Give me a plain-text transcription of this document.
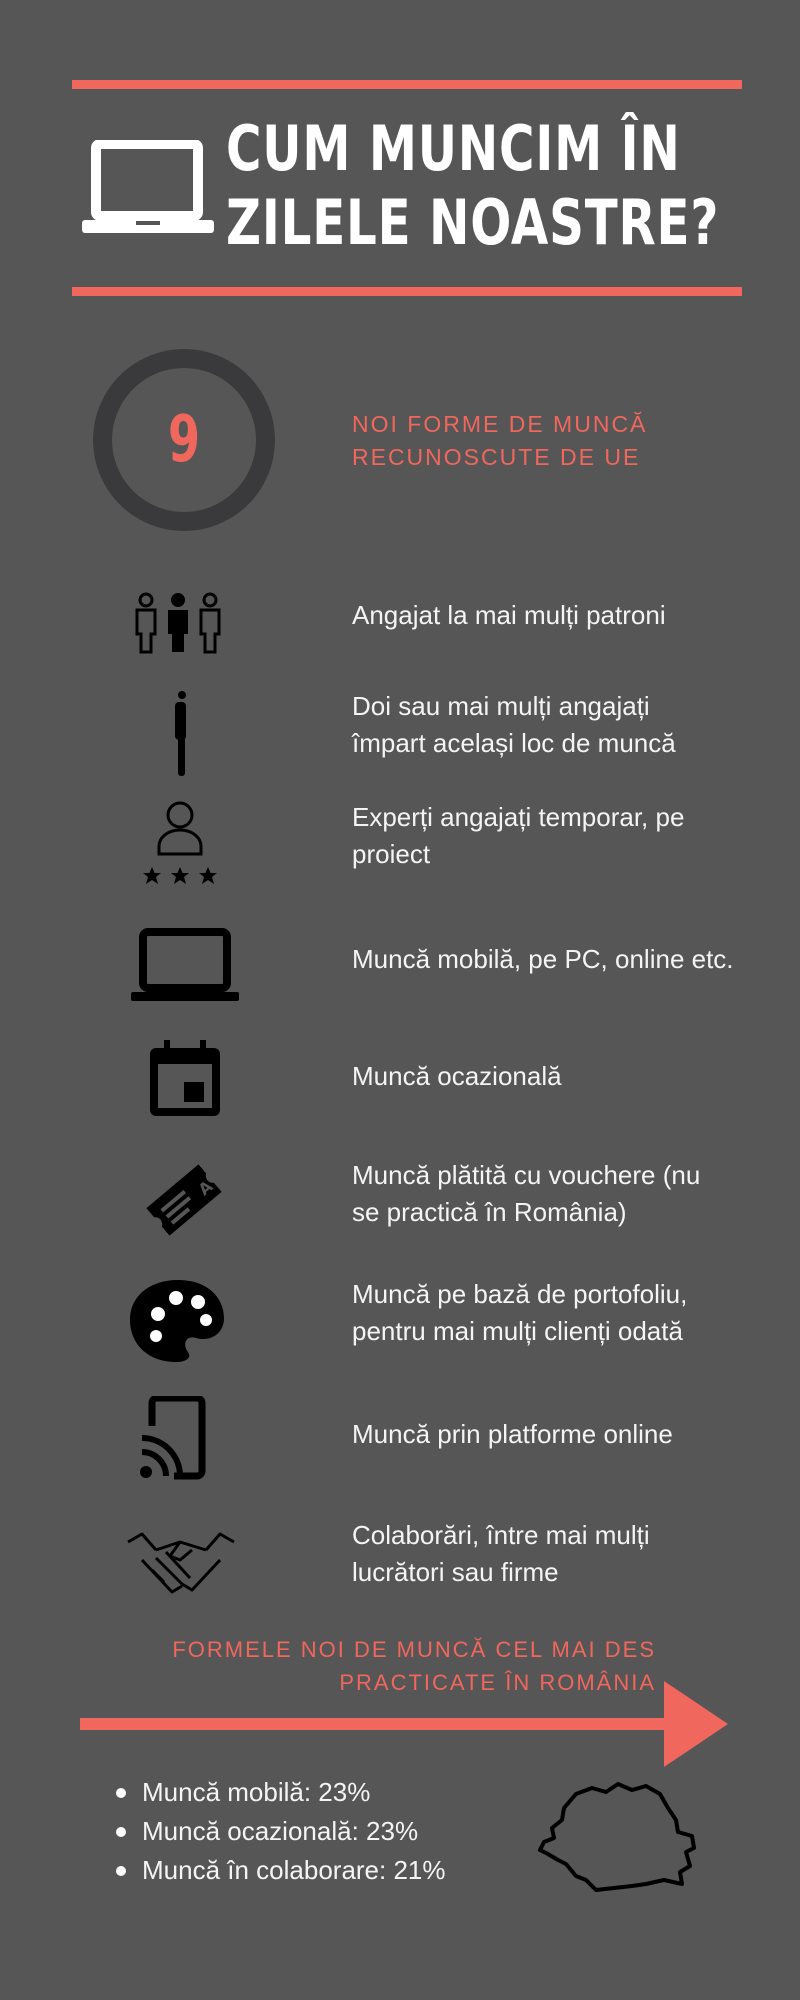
CUM MUNCIM ÎN
ZILELE NOASTRE?
9	NOI FORME DE MUNCĂ
RECUNOSCUTE DE UE
Angajat la mai mulți patroni
Doi sau mai mulți angajați
împart același loc de muncă
Experți angajați temporar, pe
proiect
Muncă mobilă, pe PC, online etc.
Muncă ocazională
A	Muncă plătită cu vouchere (nu
se practică în România)
Muncă pe bază de portofoliu,
pentru mai mulți clienți odată
Muncă prin platforme online
Colaborări, între mai mulți
lucrători sau firme
FORMELE NOI DE MUNCĂ CEL MAI DES
PRACTICATE ÎN ROMÂNIA
Muncă mobilă: 23%
Muncă ocazională: 23%
Muncă în colaborare: 21%
